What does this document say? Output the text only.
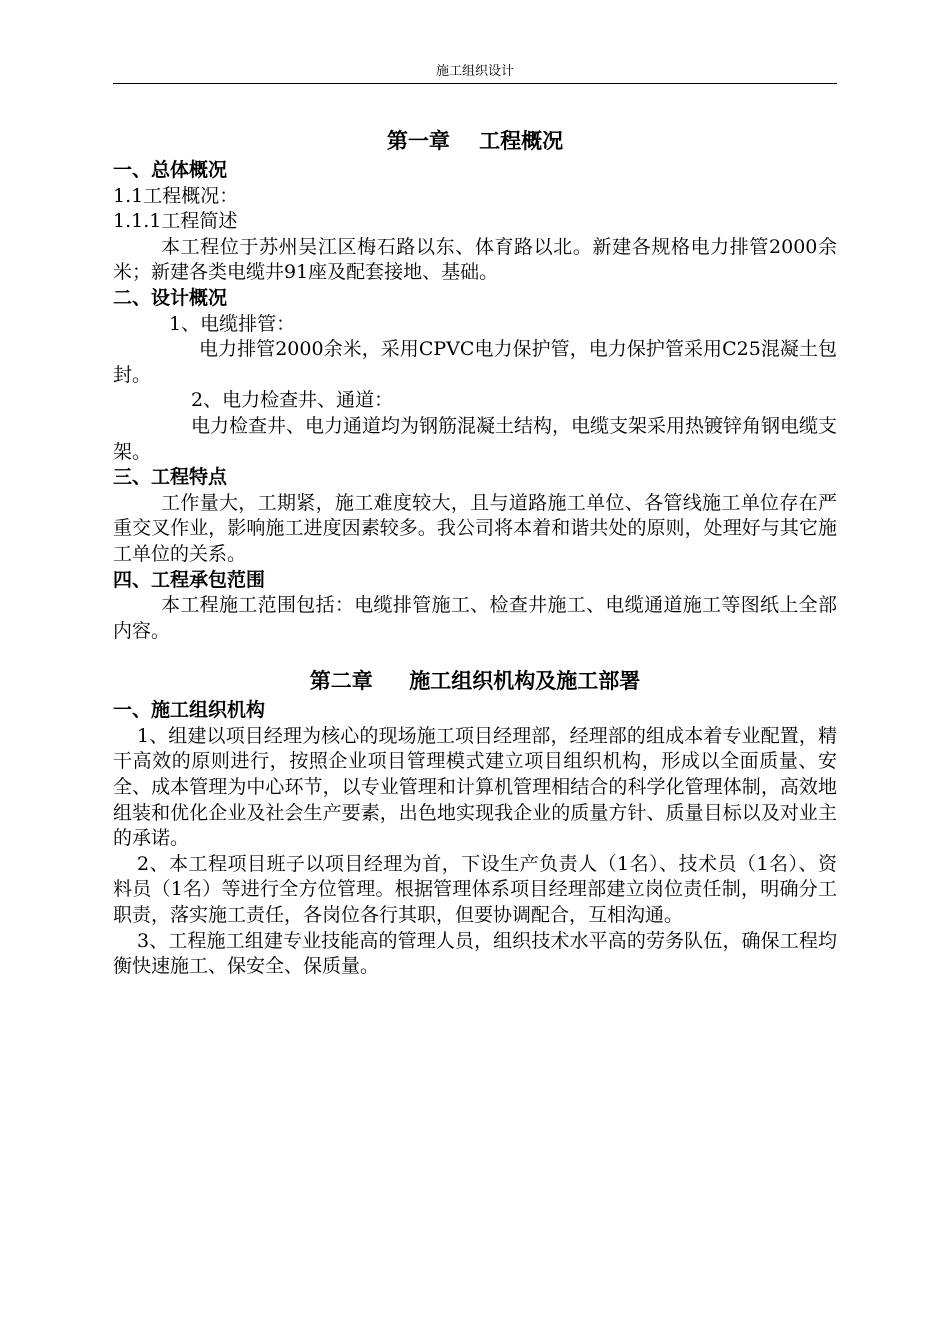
施工组织设计
第一章    工程概况
一、总体概况
1.1工程概况：
1.1.1工程简述
本工程位于苏州吴江区梅石路以东、体育路以北。新建各规格电力排管2000余米；新建各类电缆井91座及配套接地、基础。
二、设计概况
1、电缆排管：
电力排管2000余米，采用CPVC电力保护管，电力保护管采用C25混凝土包封。
2、电力检查井、通道：
电力检查井、电力通道均为钢筋混凝土结构，电缆支架采用热镀锌角钢电缆支架。
三、工程特点
工作量大，工期紧，施工难度较大，且与道路施工单位、各管线施工单位存在严重交叉作业，影响施工进度因素较多。我公司将本着和谐共处的原则，处理好与其它施工单位的关系。
四、工程承包范围
本工程施工范围包括：电缆排管施工、检查井施工、电缆通道施工等图纸上全部内容。
第二章     施工组织机构及施工部署
一、施工组织机构
1、组建以项目经理为核心的现场施工项目经理部，经理部的组成本着专业配置，精干高效的原则进行，按照企业项目管理模式建立项目组织机构，形成以全面质量、安全、成本管理为中心环节，以专业管理和计算机管理相结合的科学化管理体制，高效地组装和优化企业及社会生产要素，出色地实现我企业的质量方针、质量目标以及对业主的承诺。
2、本工程项目班子以项目经理为首，下设生产负责人（1名）、技术员（1名）、资料员（1名）等进行全方位管理。根据管理体系项目经理部建立岗位责任制，明确分工职责，落实施工责任，各岗位各行其职，但要协调配合，互相沟通。
3、工程施工组建专业技能高的管理人员，组织技术水平高的劳务队伍，确保工程均衡快速施工、保安全、保质量。
